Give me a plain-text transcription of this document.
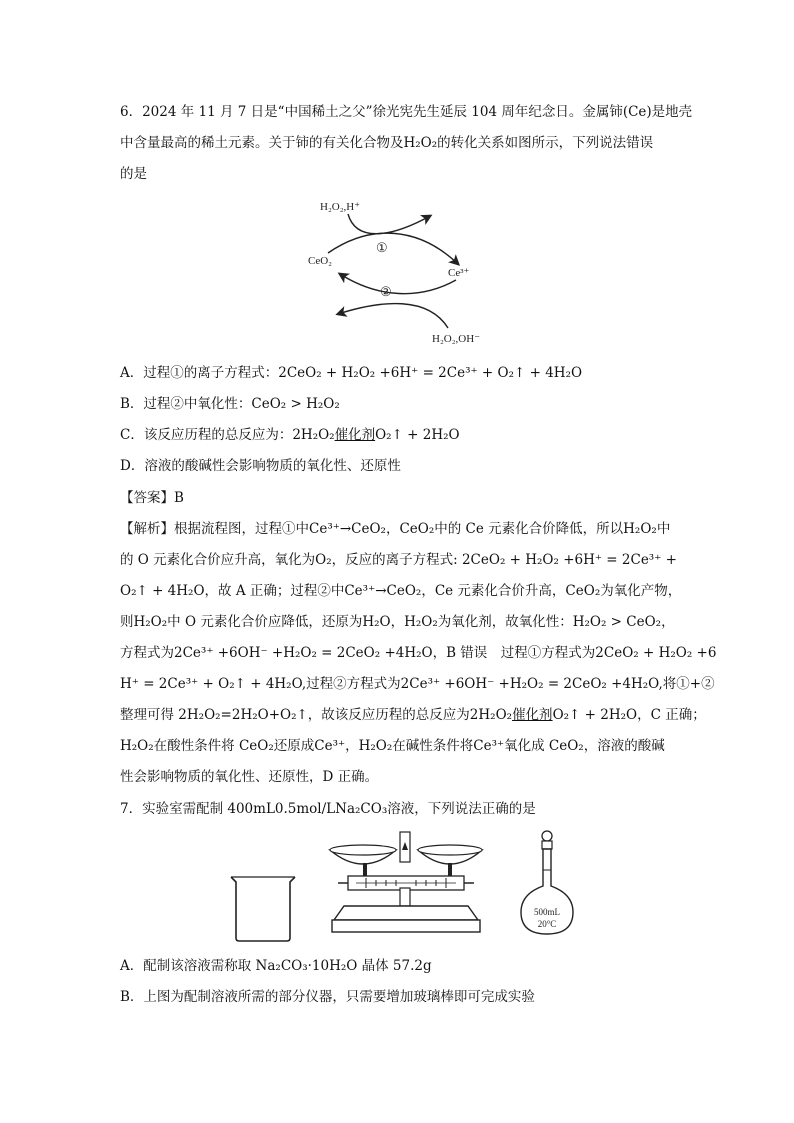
6．2024 年 11 月 7 日是“中国稀土之父”徐光宪先生延辰 104 周年纪念日。金属铈(Ce)是地壳
中含量最高的稀土元素。关于铈的有关化合物及H₂O₂的转化关系如图所示，下列说法错误
的是
H₂O₂,H⁺
CeO₂
Ce³⁺
①
②
H₂O₂,OH⁻
A．过程①的离子方程式：2CeO₂ + H₂O₂ +6H⁺ = 2Ce³⁺ + O₂↑ + 4H₂O
B．过程②中氧化性：CeO₂ > H₂O₂
C．该反应历程的总反应为：2H₂O₂催化剂O₂↑ + 2H₂O
D．溶液的酸碱性会影响物质的氧化性、还原性
【答案】B
【解析】根据流程图，过程①中Ce³⁺→CeO₂，CeO₂中的 Ce 元素化合价降低，所以H₂O₂中
的 O 元素化合价应升高，氧化为O₂，反应的离子方程式: 2CeO₂ + H₂O₂ +6H⁺ = 2Ce³⁺ +
O₂↑ + 4H₂O，故 A 正确；过程②中Ce³⁺→CeO₂，Ce 元素化合价升高，CeO₂为氧化产物，
则H₂O₂中 O 元素化合价应降低，还原为H₂O，H₂O₂为氧化剂，故氧化性：H₂O₂ > CeO₂，
方程式为2Ce³⁺ +6OH⁻ +H₂O₂ = 2CeO₂ +4H₂O，B 错误　过程①方程式为2CeO₂ + H₂O₂ +6
H⁺ = 2Ce³⁺ + O₂↑ + 4H₂O,过程②方程式为2Ce³⁺ +6OH⁻ +H₂O₂ = 2CeO₂ +4H₂O,将①+②
整理可得 2H₂O₂=2H₂O+O₂↑，故该反应历程的总反应为2H₂O₂催化剂O₂↑ + 2H₂O，C 正确；
H₂O₂在酸性条件将 CeO₂还原成Ce³⁺，H₂O₂在碱性条件将Ce³⁺氧化成 CeO₂，溶液的酸碱
性会影响物质的氧化性、还原性，D 正确。
7．实验室需配制 400mL0.5mol/LNa₂CO₃溶液，下列说法正确的是
500mL
20°C
A．配制该溶液需称取 Na₂CO₃·10H₂O 晶体 57.2g
B．上图为配制溶液所需的部分仪器，只需要增加玻璃棒即可完成实验
